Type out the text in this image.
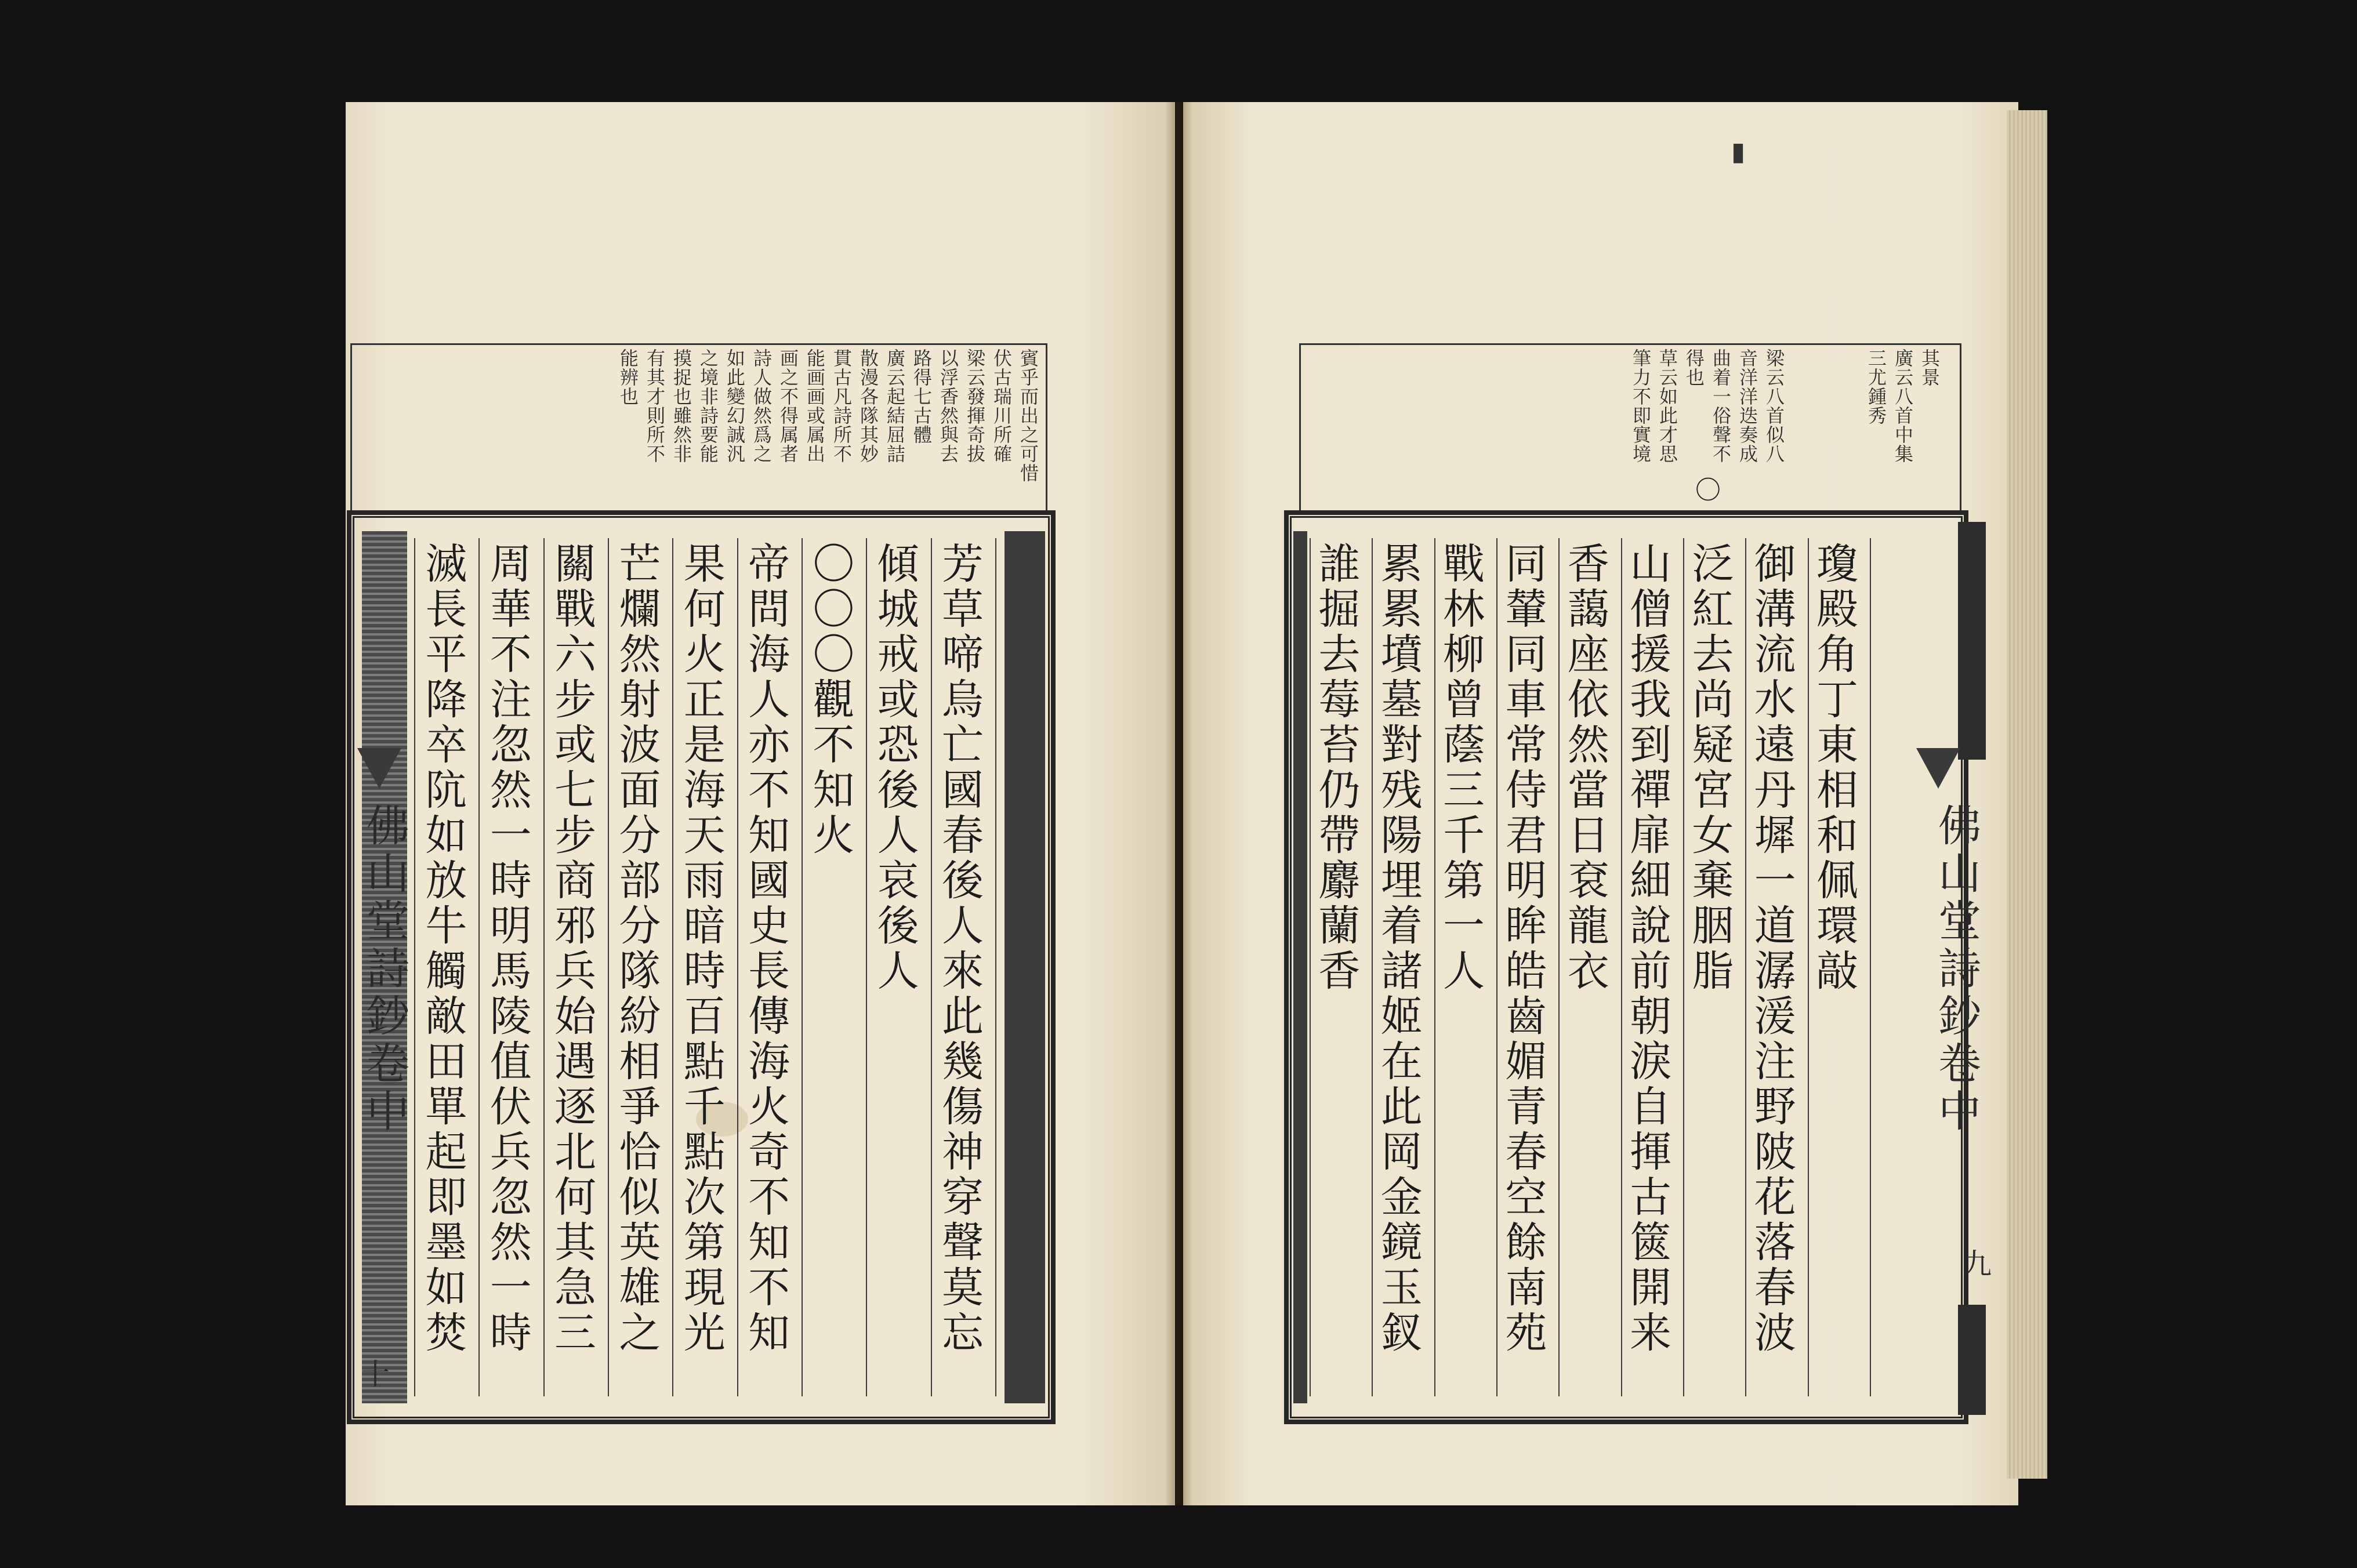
▮
賓乎而出之可惜
伏古瑞川所確
梁云發揮奇拔
以浮香然與去
路得七古體
廣云起結屈詰
散漫各隊其妙
貫古凡詩所不
能画画或属出
画之不得属者
詩人做然爲之
如此變幻誠汎
之境非詩要能
摸捉也雖然非
有其才則所不
能辨也
芳草啼烏亡國春後人來此幾傷神穿聲莫忘
傾城戒或恐後人哀後人
〇〇〇觀不知火
帝問海人亦不知國史長傳海火奇不知不知
果何火正是海天雨暗時百點千點次第現光
芒爛然射波面分部分隊紛相爭恰似英雄之
關戰六步或七步商邪兵始遇逐北何其急三
周華不注忽然一時明馬陵值伏兵忽然一時
滅長平降卒阬如放牛觸敵田單起即墨如焚
佛山堂詩鈔卷中
十
其景
廣云八首中集
三尤鍾秀
梁云八首似八
音洋洋迭奏成
曲着一俗聲不
得也
草云如此才思
筆力不即實境
〇
瓊殿角丁東相和佩環敲
御溝流水遠丹墀一道潺湲注野陂花落春波
泛紅去尚疑宮女棄胭脂
山僧援我到禪扉細說前朝淚自揮古篋開来
香藹座依然當日袞龍衣
同輦同車常侍君明眸皓齒媚青春空餘南苑
戰林柳曾蔭三千第一人
累累墳墓對残陽埋着諸姬在此岡金鏡玉釵
誰掘去莓苔仍帶麝蘭香	佛山堂詩鈔卷中
九
